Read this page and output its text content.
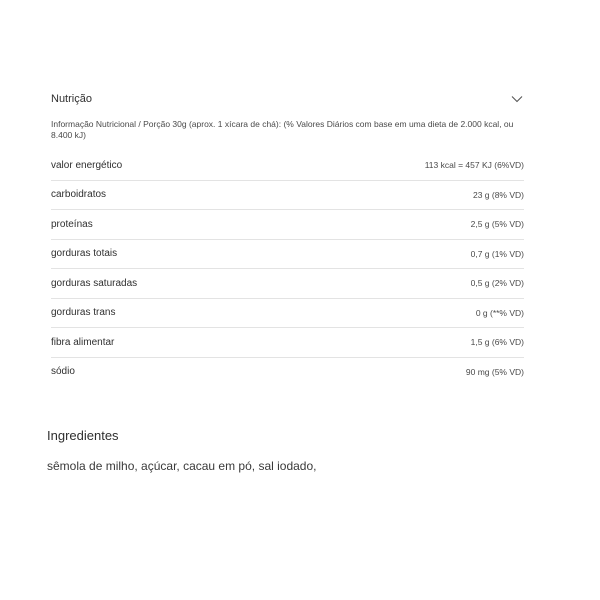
Nutrição
Informação Nutricional / Porção 30g (aprox. 1 xícara de chá): (% Valores Diários com base em uma dieta de 2.000 kcal, ou 8.400 kJ)
valor energético	113 kcal = 457 KJ (6%VD)
carboidratos	23 g (8% VD)
proteínas	2,5 g (5% VD)
gorduras totais	0,7 g (1% VD)
gorduras saturadas	0,5 g (2% VD)
gorduras trans	0 g (**% VD)
fibra alimentar	1,5 g (6% VD)
sódio	90 mg (5% VD)
Ingredientes
sêmola de milho, açúcar, cacau em pó, sal iodado,
